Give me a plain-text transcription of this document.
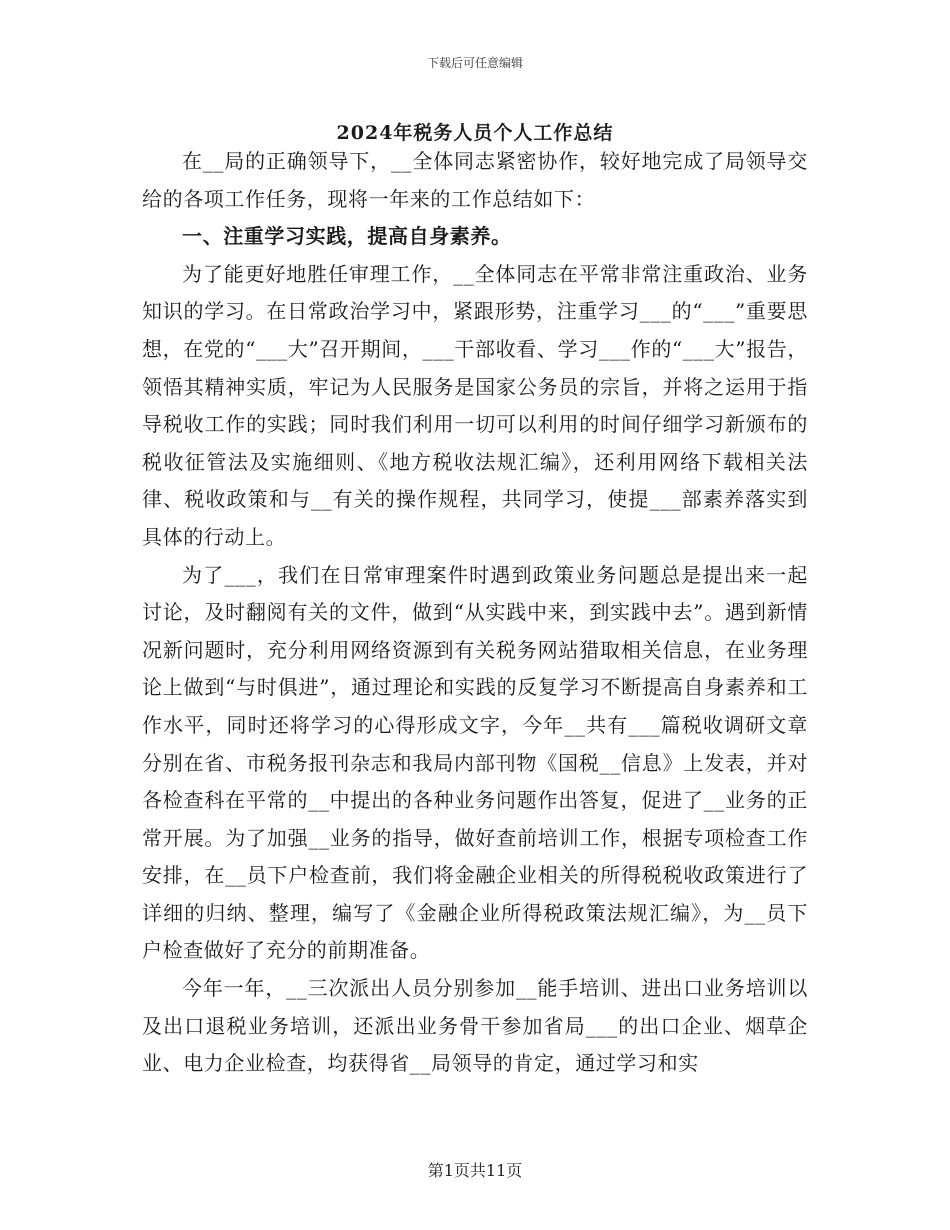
下载后可任意编辑
2024年税务人员个人工作总结

在__局的正确领导下，__全体同志紧密协作，较好地完成了局领导交给的各项工作任务，现将一年来的工作总结如下：

一、注重学习实践，提高自身素养。

为了能更好地胜任审理工作，__全体同志在平常非常注重政治、业务知识的学习。在日常政治学习中，紧跟形势，注重学习___的“___”重要思想，在党的“___大”召开期间，___干部收看、学习___作的“___大”报告，领悟其精神实质，牢记为人民服务是国家公务员的宗旨，并将之运用于指导税收工作的实践；同时我们利用一切可以利用的时间仔细学习新颁布的税收征管法及实施细则、《地方税收法规汇编》，还利用网络下载相关法律、税收政策和与__有关的操作规程，共同学习，使提___部素养落实到具体的行动上。

为了___，我们在日常审理案件时遇到政策业务问题总是提出来一起讨论，及时翻阅有关的文件，做到“从实践中来，到实践中去”。遇到新情况新问题时，充分利用网络资源到有关税务网站猎取相关信息，在业务理论上做到“与时俱进”，通过理论和实践的反复学习不断提高自身素养和工作水平，同时还将学习的心得形成文字，今年__共有___篇税收调研文章分别在省、市税务报刊杂志和我局内部刊物《国税__信息》上发表，并对各检查科在平常的__中提出的各种业务问题作出答复，促进了__业务的正常开展。为了加强__业务的指导，做好查前培训工作，根据专项检查工作安排，在__员下户检查前，我们将金融企业相关的所得税税收政策进行了详细的归纳、整理，编写了《金融企业所得税政策法规汇编》，为__员下户检查做好了充分的前期准备。

今年一年，__三次派出人员分别参加__能手培训、进出口业务培训以及出口退税业务培训，还派出业务骨干参加省局___的出口企业、烟草企业、电力企业检查，均获得省__局领导的肯定，通过学习和实

第1页共11页
